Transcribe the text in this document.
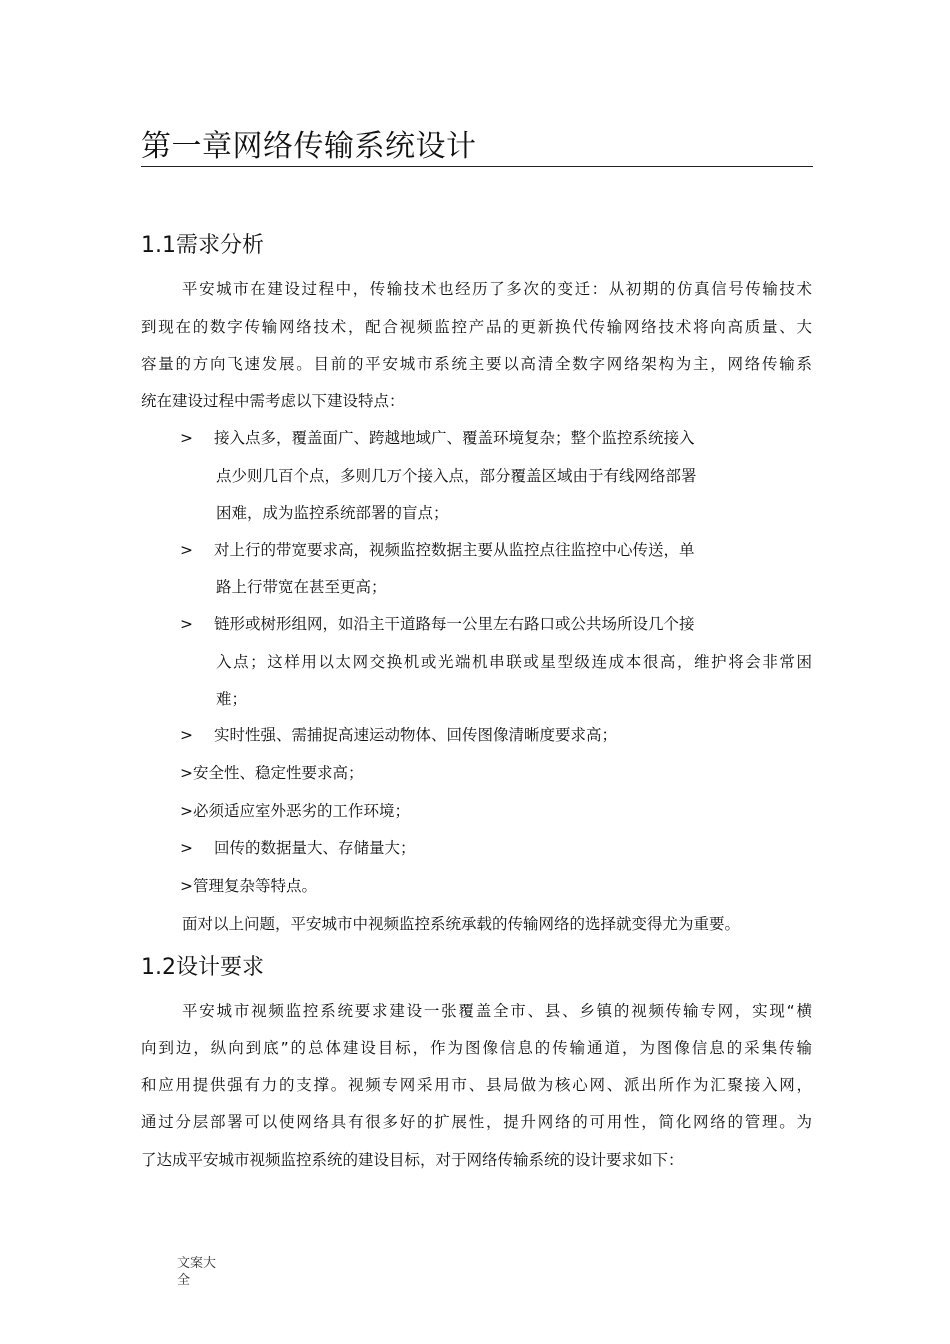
第一章网络传输系统设计
1.1需求分析
平安城市在建设过程中，传输技术也经历了多次的变迁：从初期的仿真信号传输技术
到现在的数字传输网络技术，配合视频监控产品的更新换代传输网络技术将向高质量、大
容量的方向飞速发展。目前的平安城市系统主要以高清全数字网络架构为主，网络传输系
统在建设过程中需考虑以下建设特点：
> 接入点多，覆盖面广、跨越地域广、覆盖环境复杂；整个监控系统接入
点少则几百个点，多则几万个接入点，部分覆盖区域由于有线网络部署
困难，成为监控系统部署的盲点；
> 对上行的带宽要求高，视频监控数据主要从监控点往监控中心传送，单
路上行带宽在甚至更高；
> 链形或树形组网，如沿主干道路每一公里左右路口或公共场所设几个接
入点；这样用以太网交换机或光端机串联或星型级连成本很高，维护将会非常困
难；
> 实时性强、需捕捉高速运动物体、回传图像清晰度要求高；
>安全性、稳定性要求高；
>必须适应室外恶劣的工作环境；
> 回传的数据量大、存储量大；
>管理复杂等特点。
面对以上问题，平安城市中视频监控系统承载的传输网络的选择就变得尤为重要。
1.2设计要求
平安城市视频监控系统要求建设一张覆盖全市、县、乡镇的视频传输专网，实现“横
向到边，纵向到底”的总体建设目标，作为图像信息的传输通道，为图像信息的采集传输
和应用提供强有力的支撑。视频专网采用市、县局做为核心网、派出所作为汇聚接入网，
通过分层部署可以使网络具有很多好的扩展性，提升网络的可用性，简化网络的管理。为
了达成平安城市视频监控系统的建设目标，对于网络传输系统的设计要求如下：
文案大全
